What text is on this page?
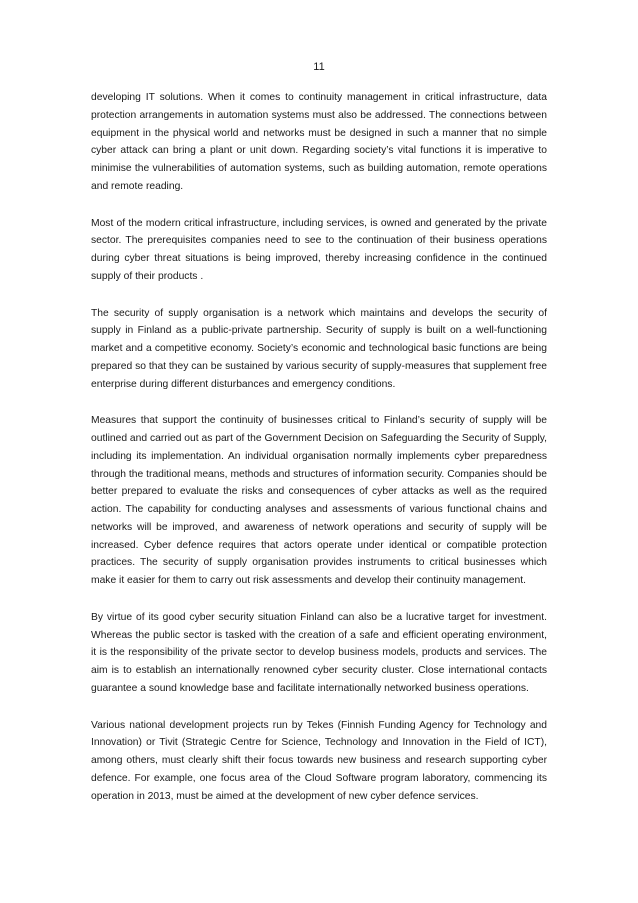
11

developing IT solutions. When it comes to continuity management in critical infrastructure, data protection arrangements in automation systems must also be addressed. The connections between equipment in the physical world and networks must be designed in such a manner that no simple cyber attack can bring a plant or unit down. Regarding society’s vital functions it is imperative to minimise the vulnerabilities of automation systems, such as building automation, remote operations and remote reading.

Most of the modern critical infrastructure, including services, is owned and generated by the private sector. The prerequisites companies need to see to the continuation of their business operations during cyber threat situations is being improved, thereby increasing confidence in the continued supply of their products .

The security of supply organisation is a network which maintains and develops the security of supply in Finland as a public-private partnership. Security of supply is built on a well-functioning market and a competitive economy. Society’s economic and technological basic functions are being prepared so that they can be sustained by various security of supply-measures that supplement free enterprise during different disturbances and emergency conditions.

Measures that support the continuity of businesses critical to Finland’s security of supply will be outlined and carried out as part of the Government Decision on Safeguarding the Security of Supply, including its implementation. An individual organisation normally implements cyber preparedness through the traditional means, methods and structures of information security. Companies should be better prepared to evaluate the risks and consequences of cyber attacks as well as the required action. The capability for conducting analyses and assessments of various functional chains and networks will be improved, and awareness of network operations and security of supply will be increased. Cyber defence requires that actors operate under identical or compatible protection practices. The security of supply organisation provides instruments to critical businesses which make it easier for them to carry out risk assessments and develop their continuity management.

By virtue of its good cyber security situation Finland can also be a lucrative target for investment. Whereas the public sector is tasked with the creation of a safe and efficient operating environment, it is the responsibility of the private sector to develop business models, products and services. The aim is to establish an internationally renowned cyber security cluster. Close international contacts guarantee a sound knowledge base and facilitate internationally networked business operations.

Various national development projects run by Tekes (Finnish Funding Agency for Technology and Innovation) or Tivit (Strategic Centre for Science, Technology and Innovation in the Field of ICT), among others, must clearly shift their focus towards new business and research supporting cyber defence. For example, one focus area of the Cloud Software program laboratory, commencing its operation in 2013, must be aimed at the development of new cyber defence services.
